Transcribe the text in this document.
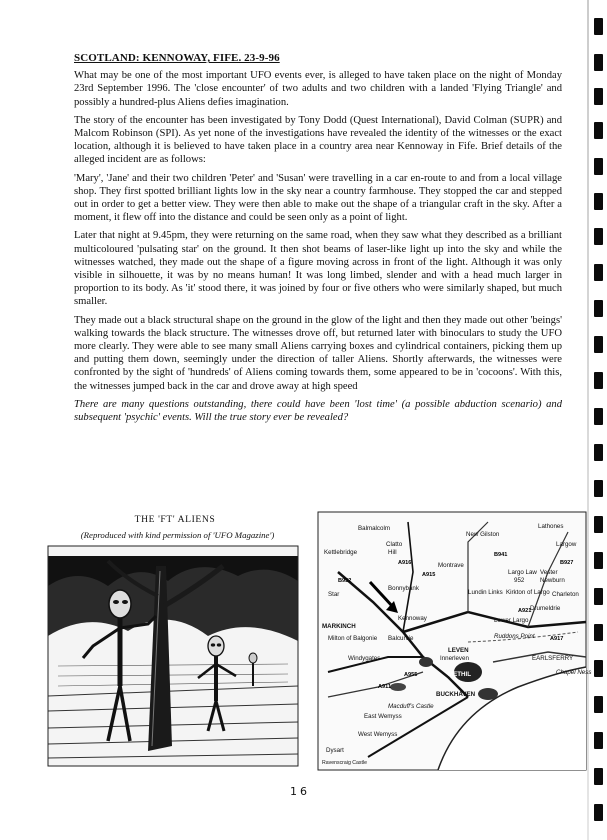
SCOTLAND: KENNOWAY, FIFE. 23-9-96

What may be one of the most important UFO events ever, is alleged to have taken place on the night of Monday 23rd September 1996. The 'close encounter' of two adults and two children with a landed 'Flying Triangle' and possibly a hundred-plus Aliens defies imagination.

The story of the encounter has been investigated by Tony Dodd (Quest International), David Colman (SUPR) and Malcom Robinson (SPI). As yet none of the investigations have revealed the identity of the witnesses or the exact location, although it is believed to have taken place in a country area near Kennoway in Fife. Brief details of the alleged incident are as follows:

'Mary', 'Jane' and their two children 'Peter' and 'Susan' were travelling in a car en-route to and from a local village shop. They first spotted brilliant lights low in the sky near a country farmhouse. They stopped the car and stepped out in order to get a better view. They were then able to make out the shape of a triangular craft in the sky. After a moment, it flew off into the distance and could be seen only as a point of light.

Later that night at 9.45pm, they were returning on the same road, when they saw what they described as a brilliant multicoloured 'pulsating star' on the ground. It then shot beams of laser-like light up into the sky and while the witnesses watched, they made out the shape of a figure moving across in front of the light. Although it was only visible in silhouette, it was by no means human! It was long limbed, slender and with a head much larger in proportion to its body. As 'it' stood there, it was joined by four or five others who were similarly shaped, but much smaller.

They made out a black structural shape on the ground in the glow of the light and then they made out other 'beings' walking towards the black structure. The witnesses drove off, but returned later with binoculars to study the UFO more clearly. They were able to see many small Aliens carrying boxes and cylindrical containers, picking them up and putting them down, seemingly under the direction of taller Aliens. Shortly afterwards, the witnesses were confronted by the sight of 'hundreds' of Aliens coming towards them, some appeared to be in 'cocoons'. With this, the witnesses jumped back in the car and drove away at high speed

There are many questions outstanding, there could have been 'lost time' (a possible abduction scenario) and subsequent 'psychic' events. Will the true story ever be revealed?

THE 'FT' ALIENS
(Reproduced with kind permission of 'UFO Magazine')
Balmalcolm
Kettlebridge
Clatto
Hill
Montrave
New Gilston
Lathones
Largow
Largo Law
952
Vester
Newburn
Kirkton of Largo Charleton
Drumeldrie
Lundin Links
Lower Largo
Ruddons Point
EARLSFERRY
Chapel Ness
Star
Bonnybank
Kennoway
MARKINCH
Milton of Balgonie Balcurvie
LEVEN
Innerleven
Windygates
METHIL
BUCKHAVEN
Macduff's Castle
East Wemyss
West Wemyss
Dysart
Ravenscraig Castle
A915
A916
A955
A917
A921
A911
B932
B927
B941
16
